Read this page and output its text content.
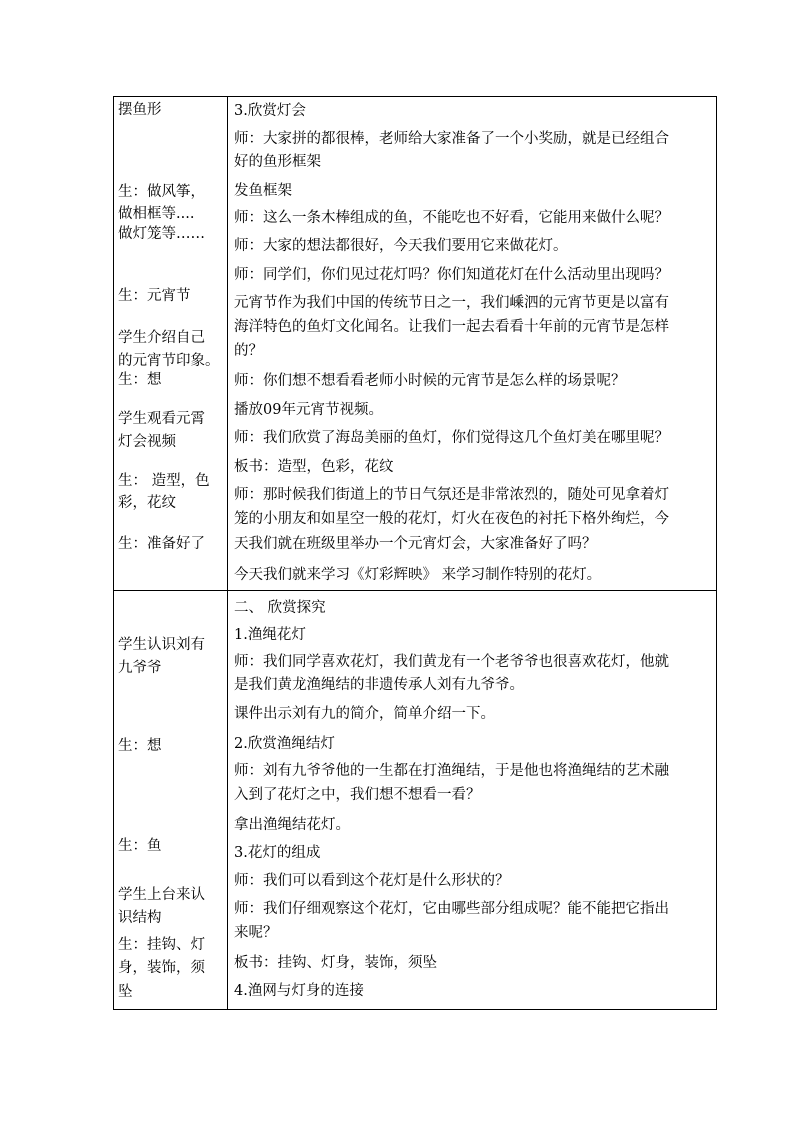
摆鱼形
生：做风筝，
做相框等....
做灯笼等……
生：元宵节
学生介绍自己
的元宵节印象。
生：想
学生观看元霄
灯会视频
生： 造型，色
彩，花纹
生：准备好了
学生认识刘有
九爷爷
生：想
生：鱼
学生上台来认
识结构
生：挂钩、灯
身，装饰，须
坠
3.欣赏灯会
师：大家拼的都很棒，老师给大家准备了一个小奖励，就是已经组合
好的鱼形框架
发鱼框架
师：这么一条木棒组成的鱼，不能吃也不好看，它能用来做什么呢？
师：大家的想法都很好，今天我们要用它来做花灯。
师：同学们，你们见过花灯吗？你们知道花灯在什么活动里出现吗？
元宵节作为我们中国的传统节日之一，我们嵊泗的元宵节更是以富有
海洋特色的鱼灯文化闻名。让我们一起去看看十年前的元宵节是怎样
的？
师：你们想不想看看老师小时候的元宵节是怎么样的场景呢？
播放09年元宵节视频。
师：我们欣赏了海岛美丽的鱼灯，你们觉得这几个鱼灯美在哪里呢？
板书：造型，色彩，花纹
师：那时候我们街道上的节日气氛还是非常浓烈的，随处可见拿着灯
笼的小朋友和如星空一般的花灯，灯火在夜色的衬托下格外绚烂，今
天我们就在班级里举办一个元宵灯会，大家准备好了吗？
今天我们就来学习《灯彩辉映》 来学习制作特别的花灯。
二、 欣赏探究
1.渔绳花灯
师：我们同学喜欢花灯，我们黄龙有一个老爷爷也很喜欢花灯，他就
是我们黄龙渔绳结的非遗传承人刘有九爷爷。
课件出示刘有九的简介，简单介绍一下。
2.欣赏渔绳结灯
师：刘有九爷爷他的一生都在打渔绳结，于是他也将渔绳结的艺术融
入到了花灯之中，我们想不想看一看？
拿出渔绳结花灯。
3.花灯的组成
师：我们可以看到这个花灯是什么形状的？
师：我们仔细观察这个花灯，它由哪些部分组成呢？能不能把它指出
来呢？
板书：挂钩、灯身，装饰，须坠
4.渔网与灯身的连接
